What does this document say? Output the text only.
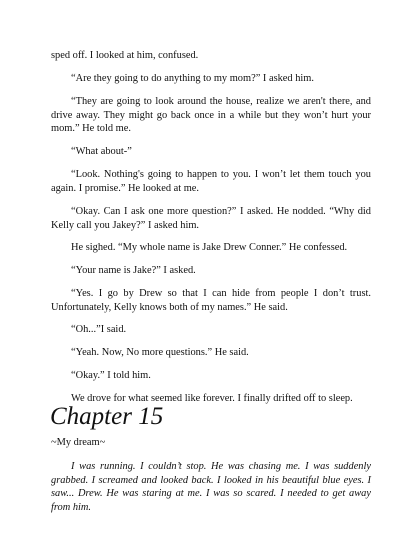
sped off. I looked at him, confused.

“Are they going to do anything to my mom?” I asked him.

“They are going to look around the house, realize we aren't there, and drive away. They might go back once in a while but they won’t hurt your mom.” He told me.

“What about-”

“Look. Nothing's going to happen to you. I won’t let them touch you again. I promise.” He looked at me.

“Okay. Can I ask one more question?” I asked. He nodded. “Why did Kelly call you Jakey?” I asked him.

He sighed. “My whole name is Jake Drew Conner.” He confessed.

“Your name is Jake?” I asked.

“Yes. I go by Drew so that I can hide from people I don’t trust. Unfortunately, Kelly knows both of my names.” He said.

“Oh...”I said.

“Yeah. Now, No more questions.” He said.

“Okay.” I told him.

We drove for what seemed like forever. I finally drifted off to sleep.

Chapter 15

~My dream~

I was running. I couldn’t stop. He was chasing me. I was suddenly grabbed. I screamed and looked back. I looked in his beautiful blue eyes. I saw... Drew. He was staring at me. I was so scared. I needed to get away from him.
